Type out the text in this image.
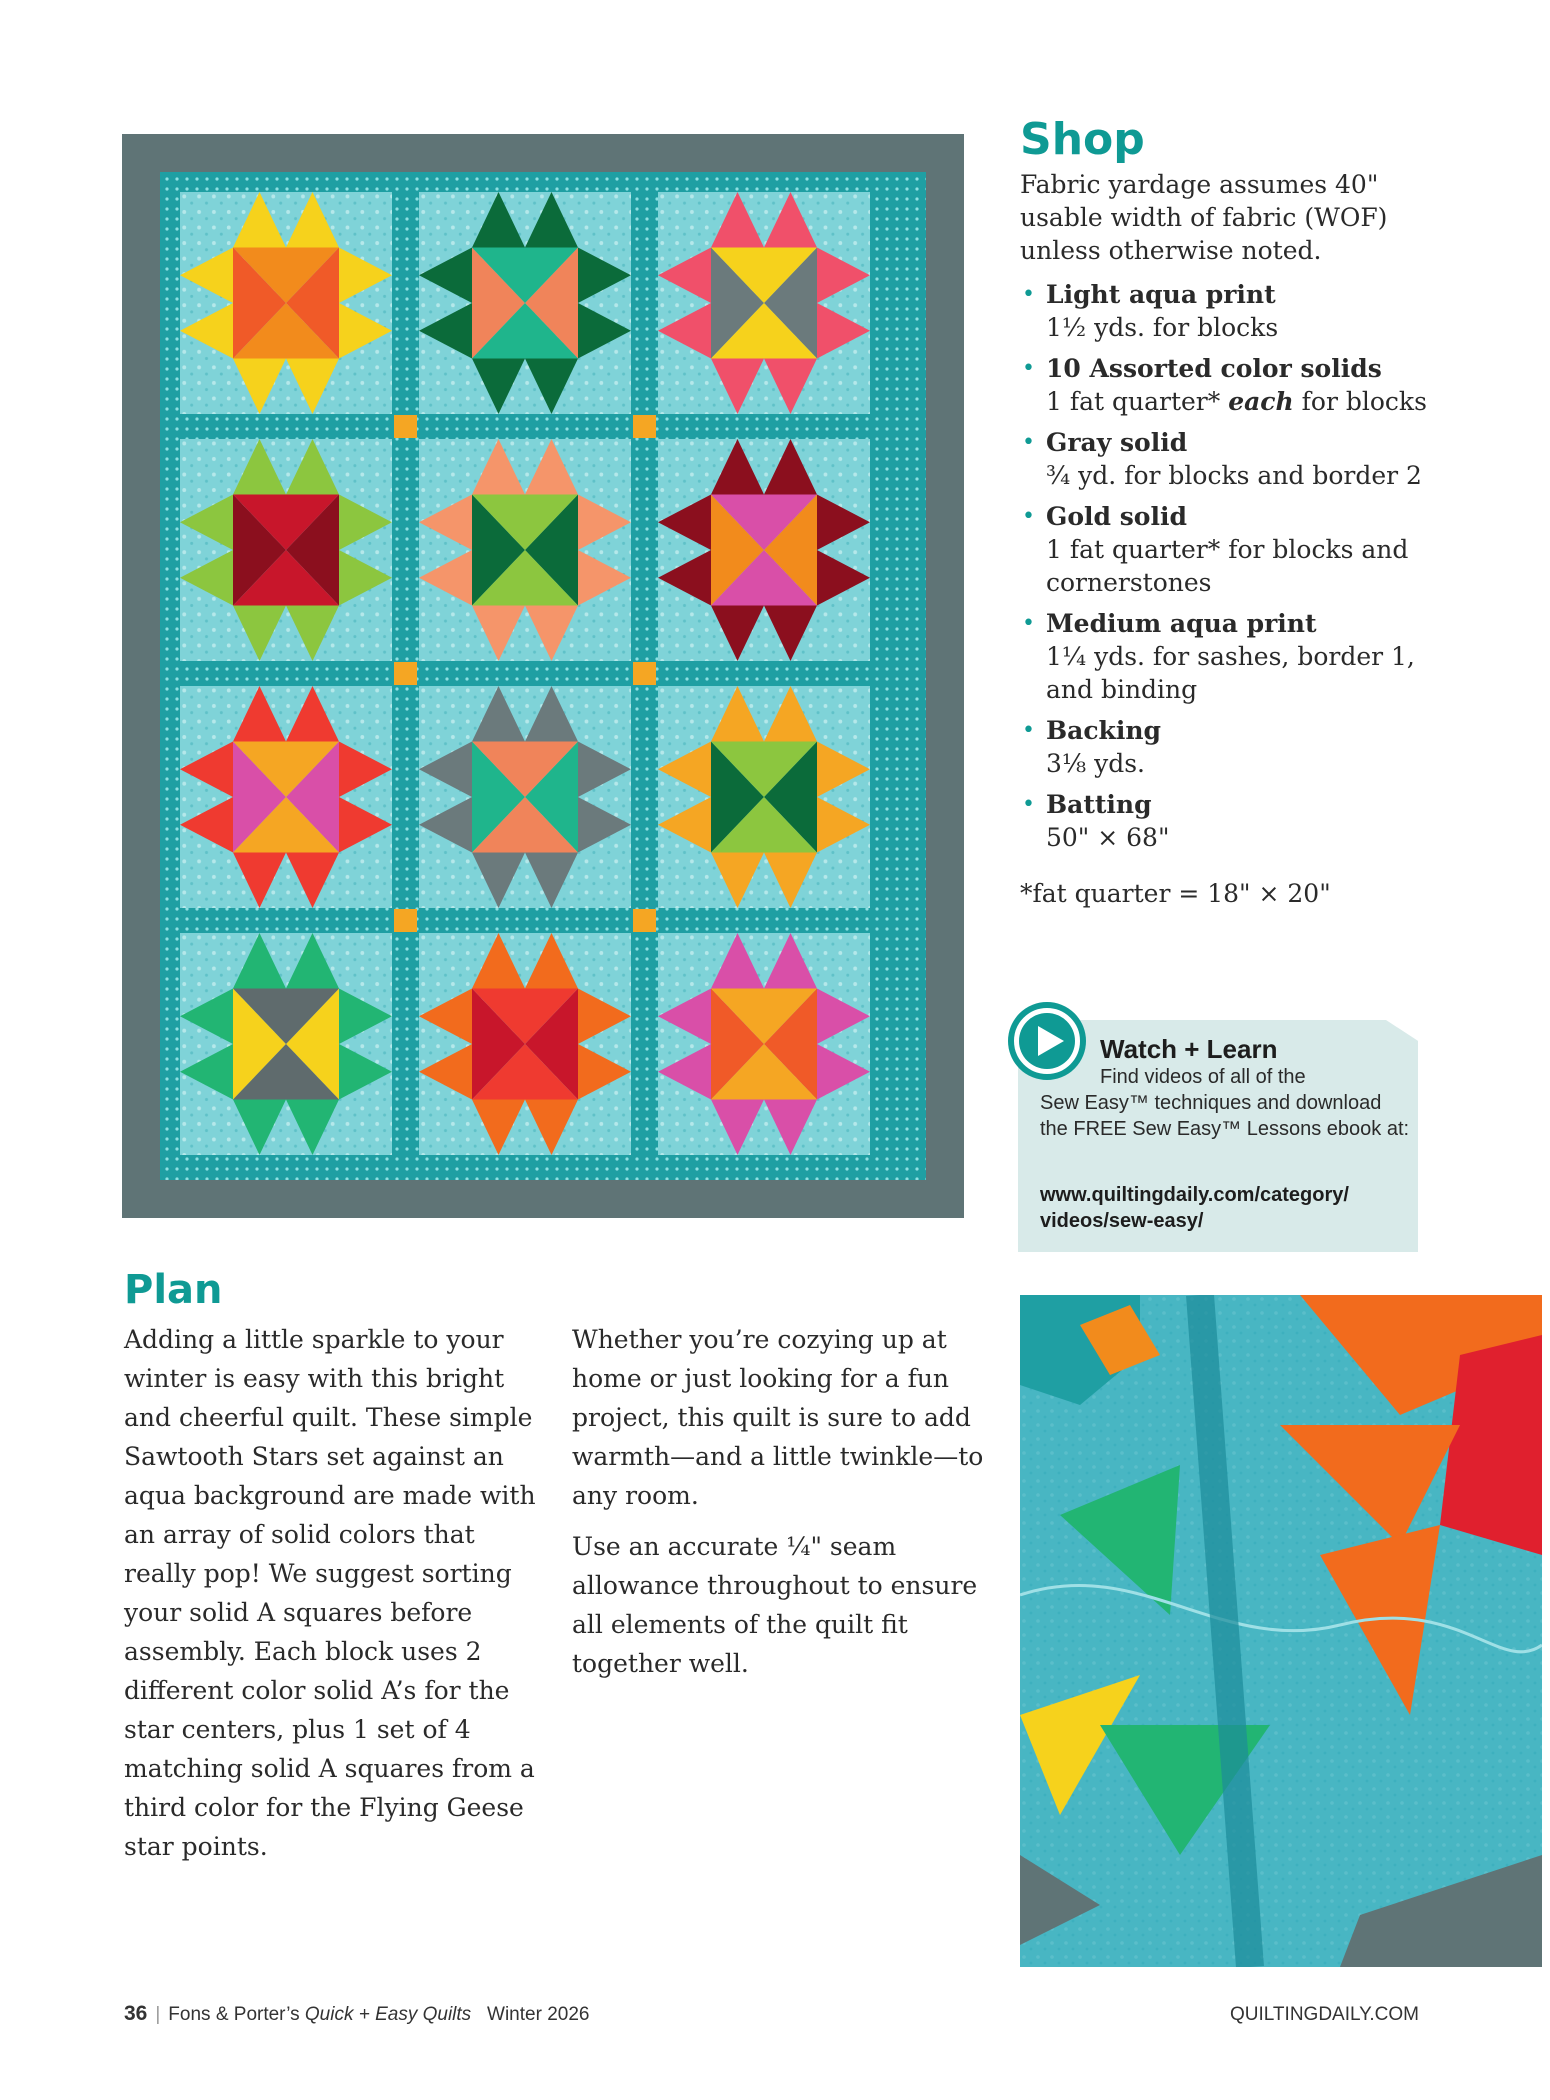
Shop

Fabric yardage assumes 40" usable width of fabric (WOF) unless otherwise noted.

• Light aqua print
1½ yds. for blocks
• 10 Assorted color solids
1 fat quarter* each for blocks
• Gray solid
¾ yd. for blocks and border 2
• Gold solid
1 fat quarter* for blocks and cornerstones
• Medium aqua print
1¼ yds. for sashes, border 1, and binding
• Backing
3⅛ yds.
• Batting
50" × 68"

*fat quarter = 18" × 20"

Watch + Learn

Find videos of all of the
Sew Easy™ techniques and download the FREE Sew Easy™ Lessons ebook at:

www.quiltingdaily.com/category/ videos/sew-easy/

Plan

Adding a little sparkle to your winter is easy with this bright and cheerful quilt. These simple Sawtooth Stars set against an aqua background are made with an array of solid colors that really pop! We suggest sorting your solid A squares before assembly. Each block uses 2 different color solid A’s for the star centers, plus 1 set of 4 matching solid A squares from a third color for the Flying Geese star points.

Whether you’re cozying up at home or just looking for a fun project, this quilt is sure to add warmth—and a little twinkle—to any room.

Use an accurate ¼" seam allowance throughout to ensure all elements of the quilt fit together well.

36 | Fons & Porter’s Quick + Easy Quilts Winter 2026	QUILTINGDAILY.COM
